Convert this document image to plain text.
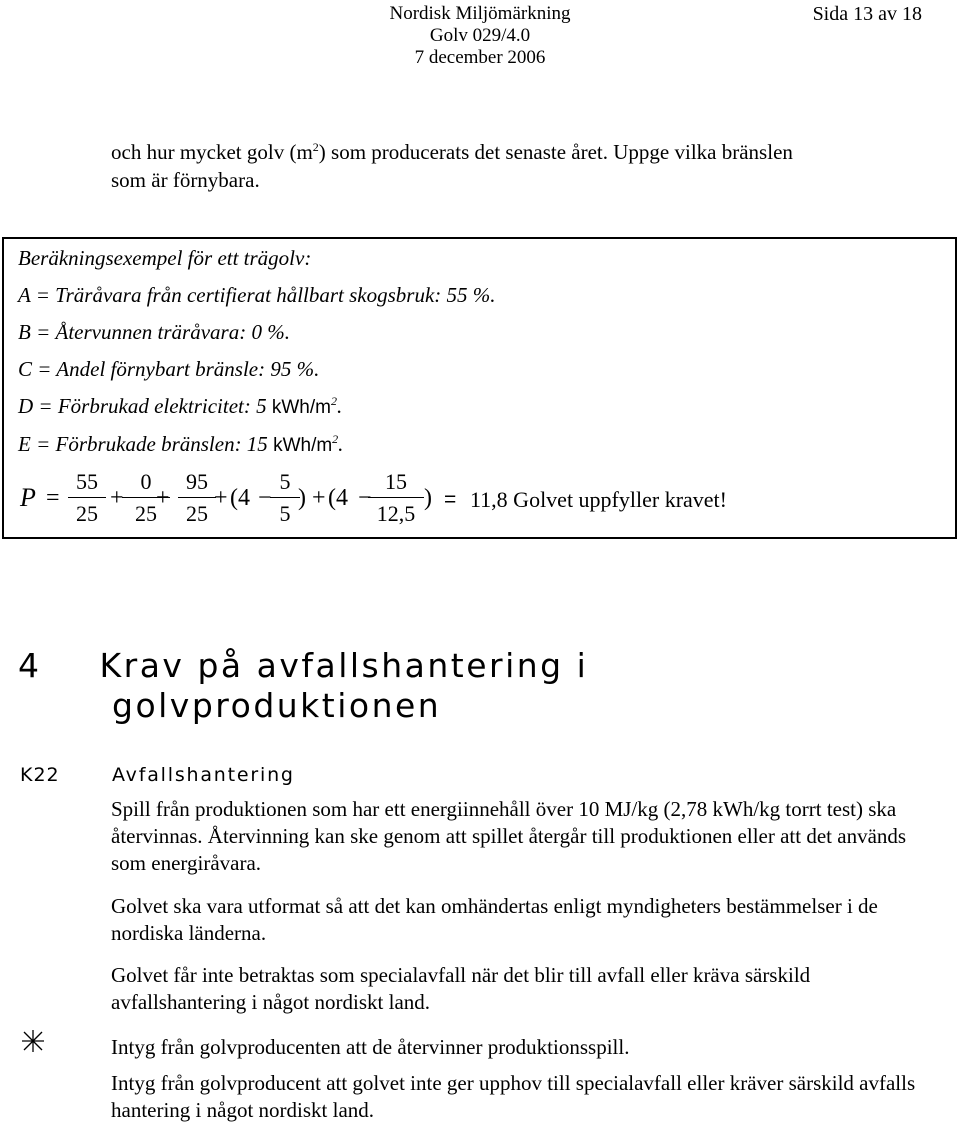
Nordisk Miljömärkning
Golv 029/4.0
7 december 2006
Sida 13 av 18
och hur mycket golv $(m^2)$ som producerats det senaste året. Uppge vilka bränslen
som är förnybara.
Beräkningsexempel för ett trägolv:
A = Träråvara från certifierat hållbart skogsbruk: 55 %.
B = Återvunnen träråvara: 0 %.
C = Andel förnybart bränsle: 95 %.
D = Förbrukad elektricitet: 5 kWh/$m^2$.
E = Förbrukade bränslen: 15 kWh/$m^2$.
P =
55
25
+
0
25
+
95
25
+ (4 −
5
5
) + (4 −
15
12,5
) = 11,8 Golvet uppfyller kravet!
4 Krav på avfallshantering i
golvproduktionen
K22	Avfallshantering
Spill från produktionen som har ett energiinnehåll över 10 MJ/kg (2,78 kWh/kg torrt test) ska återvinnas. Återvinning kan ske genom att spillet återgår till produktionen eller att det används som energiråvara.
Golvet ska vara utformat så att det kan omhändertas enligt myndigheters bestämmelser i de nordiska länderna.
Golvet får inte betraktas som specialavfall när det blir till avfall eller kräva särskild avfallshantering i något nordiskt land.
Intyg från golvproducenten att de återvinner produktionsspill.
Intyg från golvproducent att golvet inte ger upphov till specialavfall eller kräver särskild avfalls hantering i något nordiskt land.
